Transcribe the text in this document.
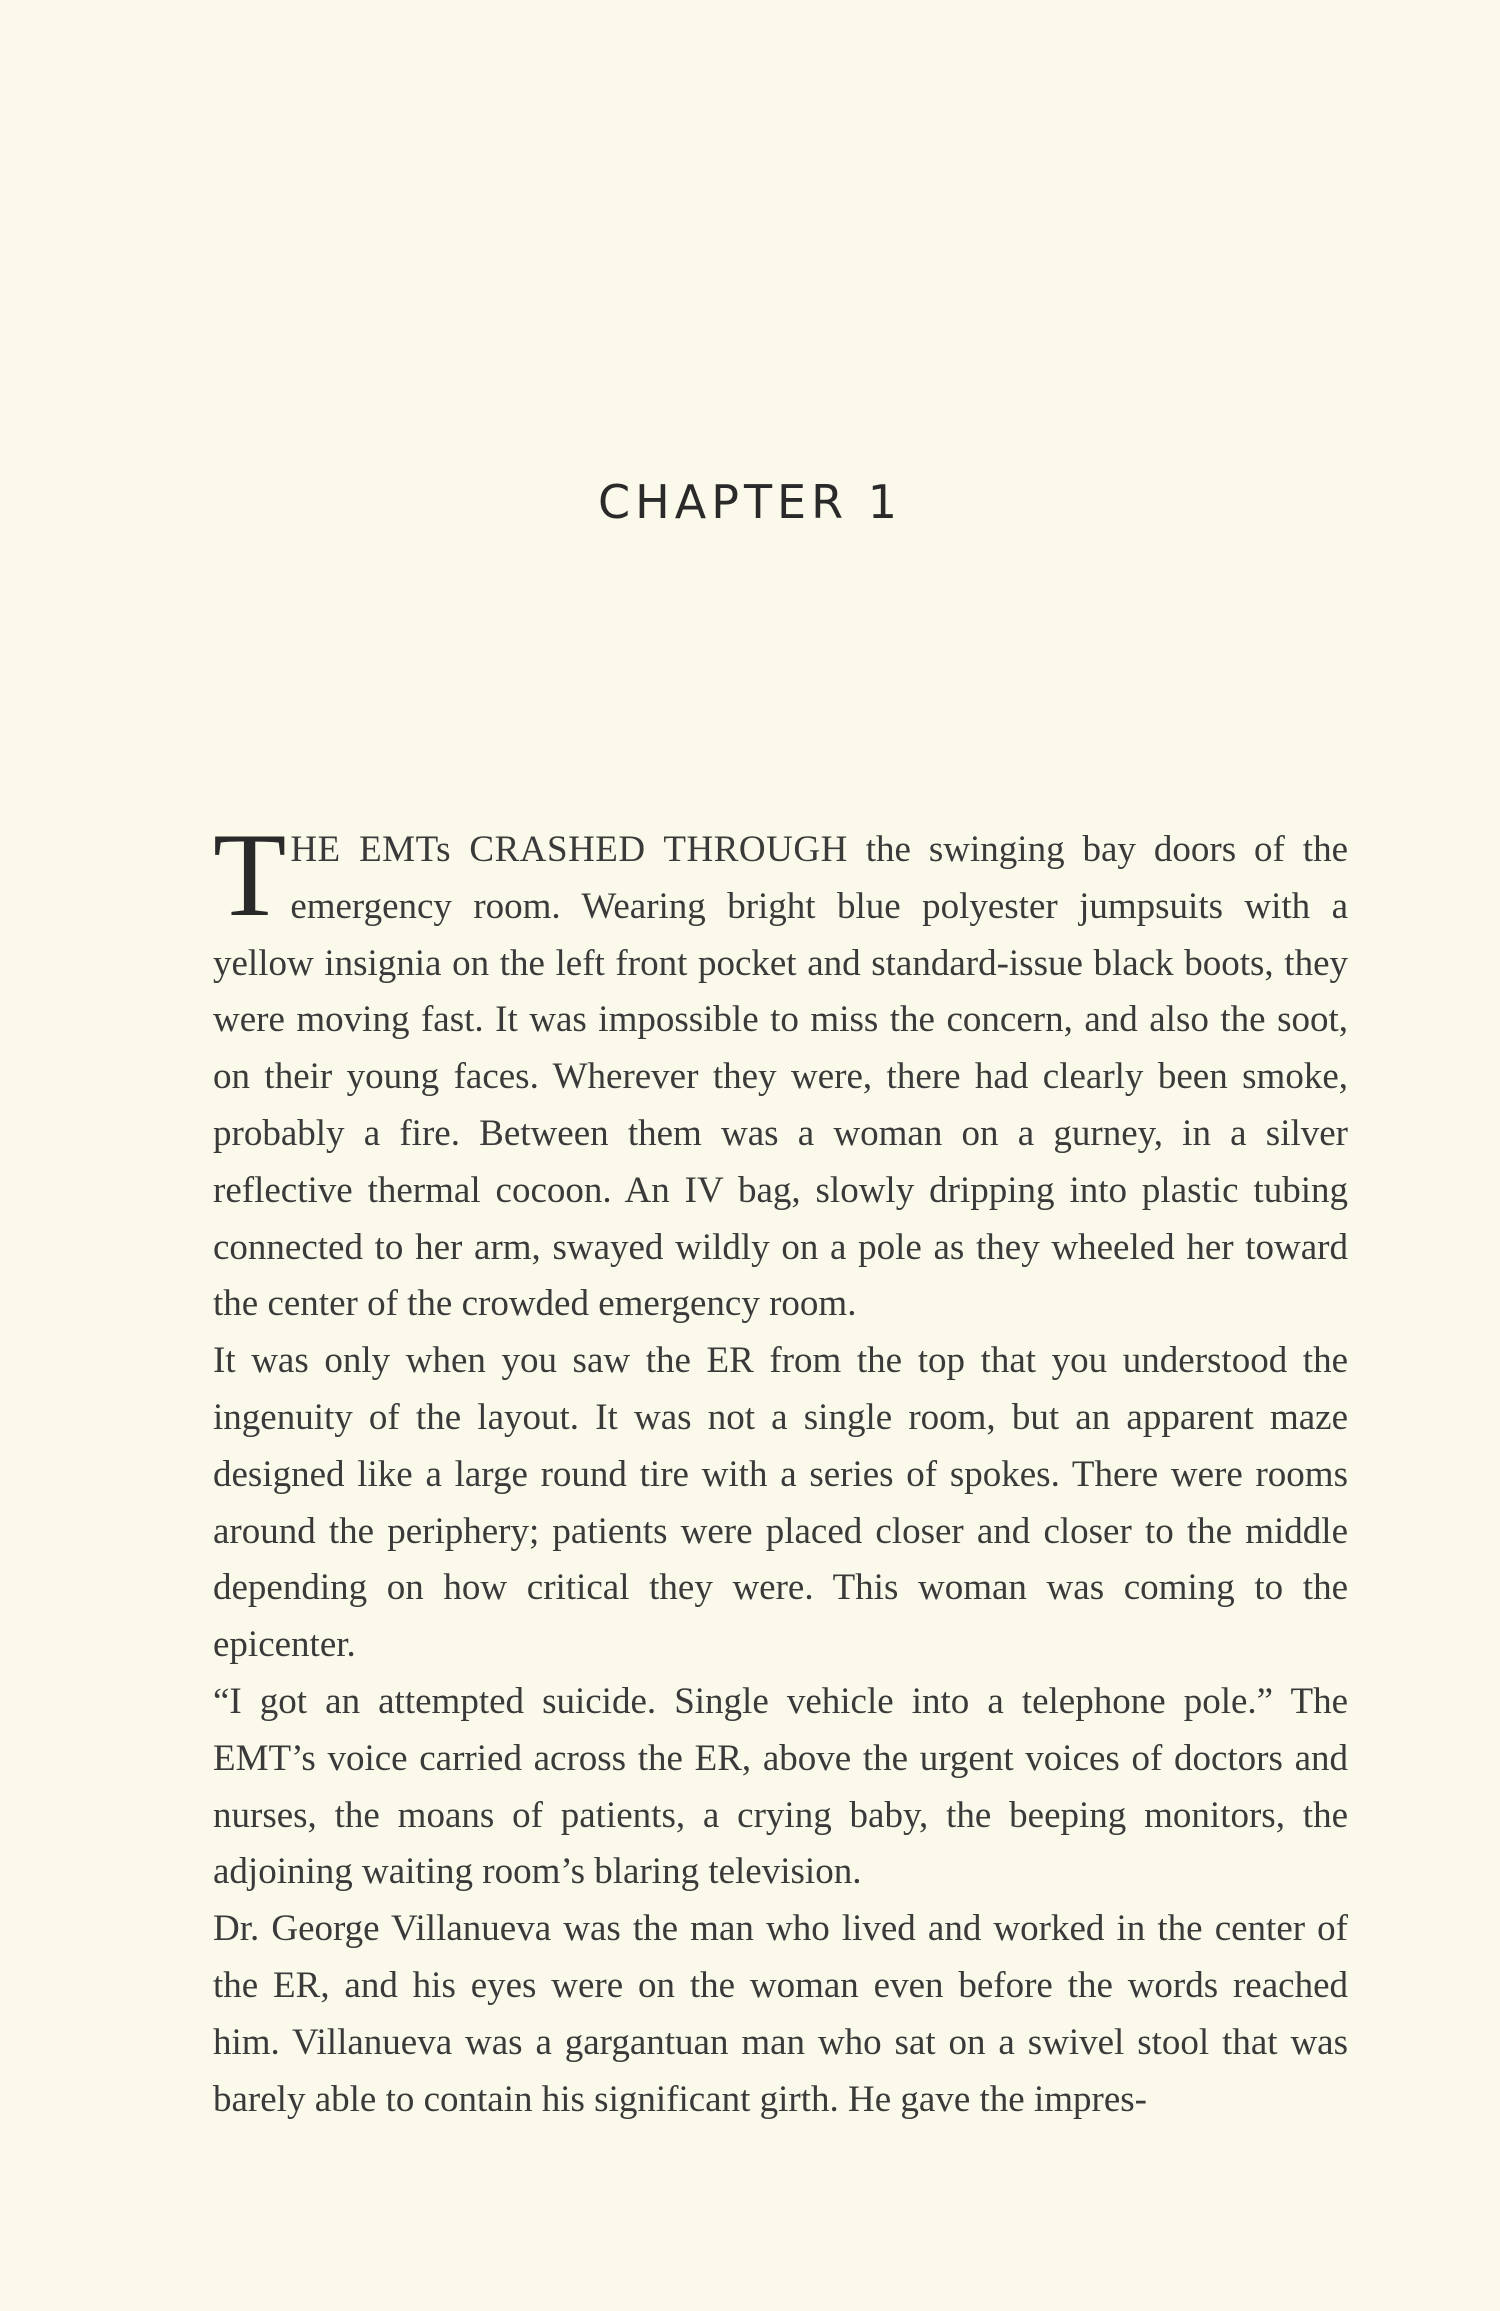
CHAPTER 1

THE EMTs CRASHED THROUGH the swinging bay doors of the emergency room. Wearing bright blue polyester jumpsuits with a yellow insignia on the left front pocket and standard-issue black boots, they were moving fast. It was impossible to miss the concern, and also the soot, on their young faces. Wherever they were, there had clearly been smoke, probably a fire. Between them was a woman on a gurney, in a silver reflective thermal cocoon. An IV bag, slowly dripping into plastic tubing connected to her arm, swayed wildly on a pole as they wheeled her toward the center of the crowded emergency room.

It was only when you saw the ER from the top that you understood the ingenuity of the layout. It was not a single room, but an apparent maze designed like a large round tire with a series of spokes. There were rooms around the periphery; patients were placed closer and closer to the middle depending on how critical they were. This woman was coming to the epicenter.

“I got an attempted suicide. Single vehicle into a telephone pole.” The EMT’s voice carried across the ER, above the urgent voices of doctors and nurses, the moans of patients, a crying baby, the beeping monitors, the adjoining waiting room’s blaring television.

Dr. George Villanueva was the man who lived and worked in the center of the ER, and his eyes were on the woman even before the words reached him. Villanueva was a gargantuan man who sat on a swivel stool that was barely able to contain his significant girth. He gave the impres-
